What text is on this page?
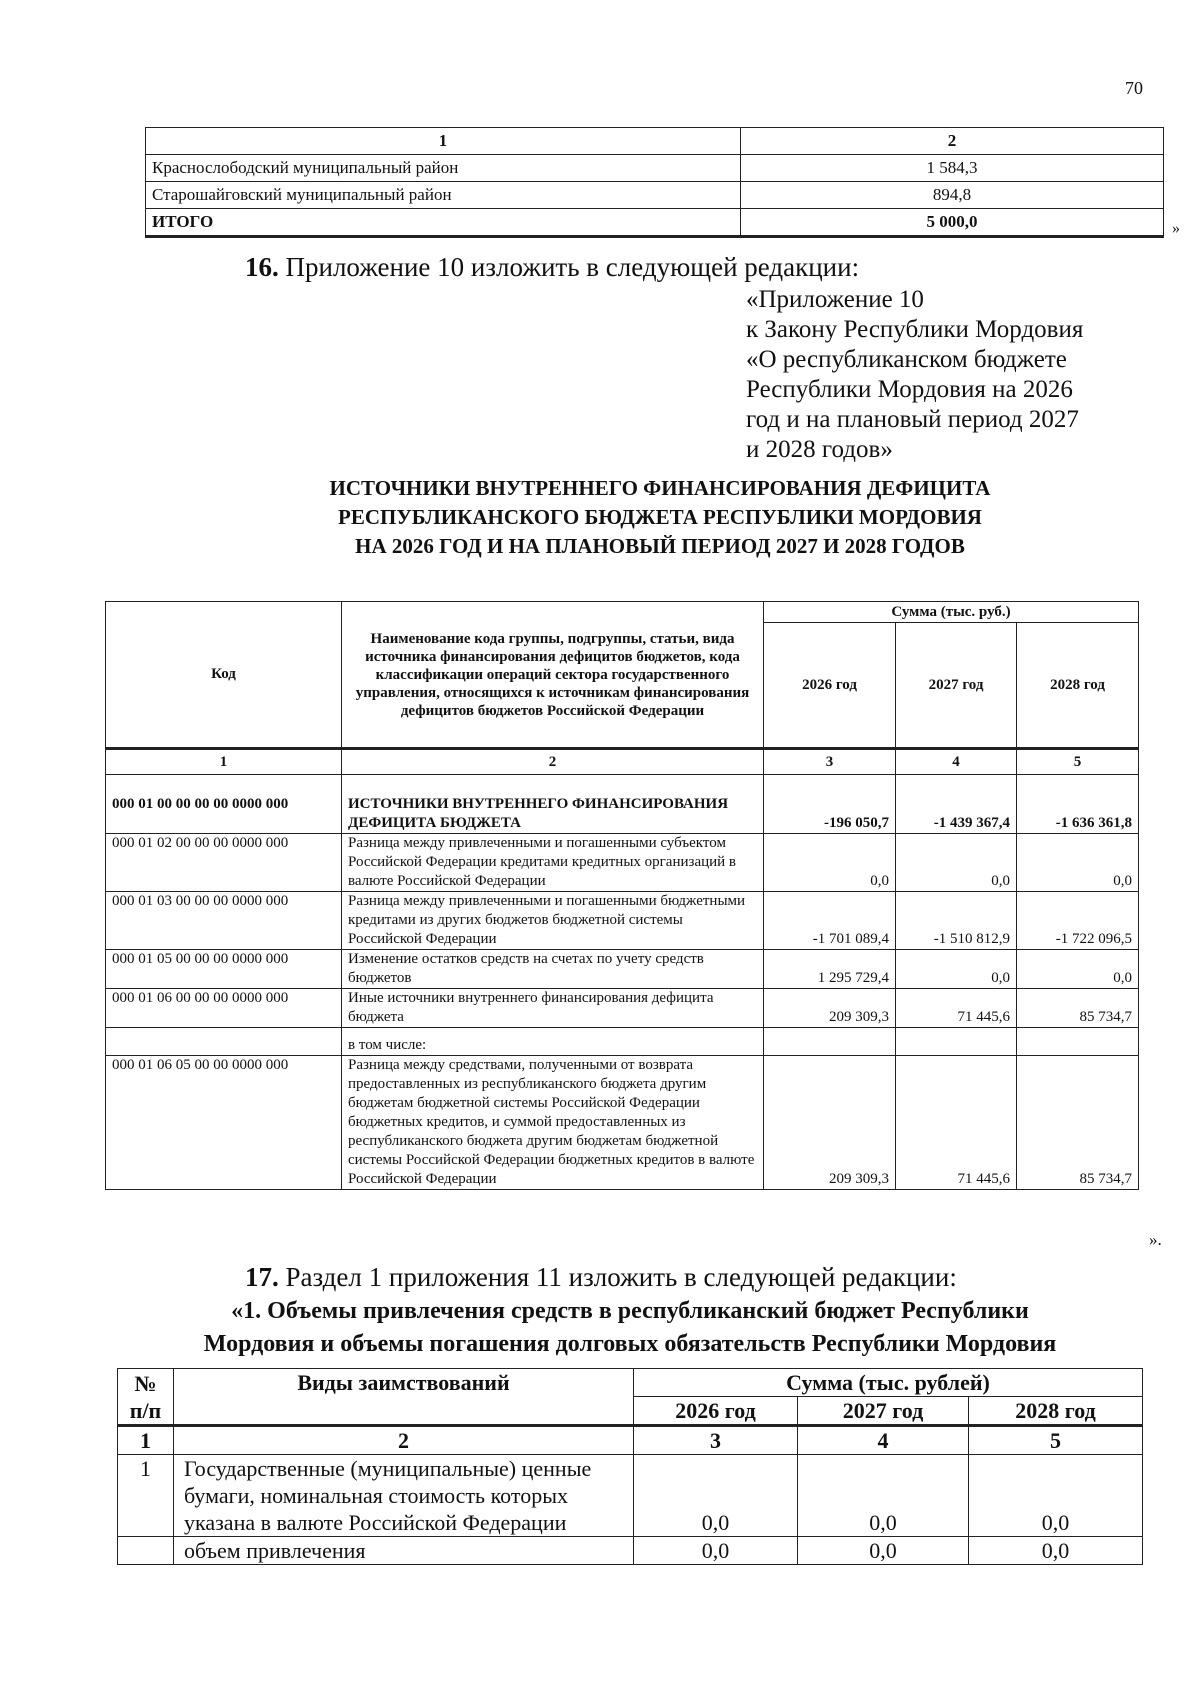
70
1	2
Краснослободский муниципальный район	1 584,3
Старошайговский муниципальный район	894,8
ИТОГО	5 000,0	»
16. Приложение 10 изложить в следующей редакции:
«Приложение 10
к Закону Республики Мордовия
«О республиканском бюджете
Республики Мордовия на 2026
год и на плановый период 2027
и 2028 годов»
ИСТОЧНИКИ ВНУТРЕННЕГО ФИНАНСИРОВАНИЯ ДЕФИЦИТА
РЕСПУБЛИКАНСКОГО БЮДЖЕТА РЕСПУБЛИКИ МОРДОВИЯ
НА 2026 ГОД И НА ПЛАНОВЫЙ ПЕРИОД 2027 И 2028 ГОДОВ
Код	Наименование кода группы, подгруппы, статьи, вида источника финансирования дефицитов бюджетов, кода классификации операций сектора государственного управления, относящихся к источникам финансирования дефицитов бюджетов Российской Федерации	Сумма (тыс. руб.)		
		2026 год	2027 год	2028 год
1	2	3	4	5
000 01 00 00 00 00 0000 000	ИСТОЧНИКИ ВНУТРЕННЕГО ФИНАНСИРОВАНИЯ ДЕФИЦИТА БЮДЖЕТА	-196 050,7	-1 439 367,4	-1 636 361,8
000 01 02 00 00 00 0000 000	Разница между привлеченными и погашенными субъектом Российской Федерации кредитами кредитных организаций в валюте Российской Федерации	0,0	0,0	0,0
000 01 03 00 00 00 0000 000	Разница между привлеченными и погашенными бюджетными кредитами из других бюджетов бюджетной системы Российской Федерации	-1 701 089,4	-1 510 812,9	-1 722 096,5
000 01 05 00 00 00 0000 000	Изменение остатков средств на счетах по учету средств бюджетов	1 295 729,4	0,0	0,0
000 01 06 00 00 00 0000 000	Иные источники внутреннего финансирования дефицита бюджета	209 309,3	71 445,6	85 734,7
	в том числе:			
000 01 06 05 00 00 0000 000	Разница между средствами, полученными от возврата предоставленных из республиканского бюджета другим бюджетам бюджетной системы Российской Федерации бюджетных кредитов, и суммой предоставленных из республиканского бюджета другим бюджетам бюджетной системы Российской Федерации бюджетных кредитов в валюте Российской Федерации	209 309,3	71 445,6	85 734,7
».
17. Раздел 1 приложения 11 изложить в следующей редакции:
«1. Объемы привлечения средств в республиканский бюджет Республики
Мордовия и объемы погашения долговых обязательств Республики Мордовия
№ п/п	Виды заимствований	Сумма (тыс. рублей)		
		2026 год	2027 год	2028 год
1	2	3	4	5
1	Государственные (муниципальные) ценные бумаги, номинальная стоимость которых указана в валюте Российской Федерации	0,0	0,0	0,0
	объем привлечения	0,0	0,0	0,0
